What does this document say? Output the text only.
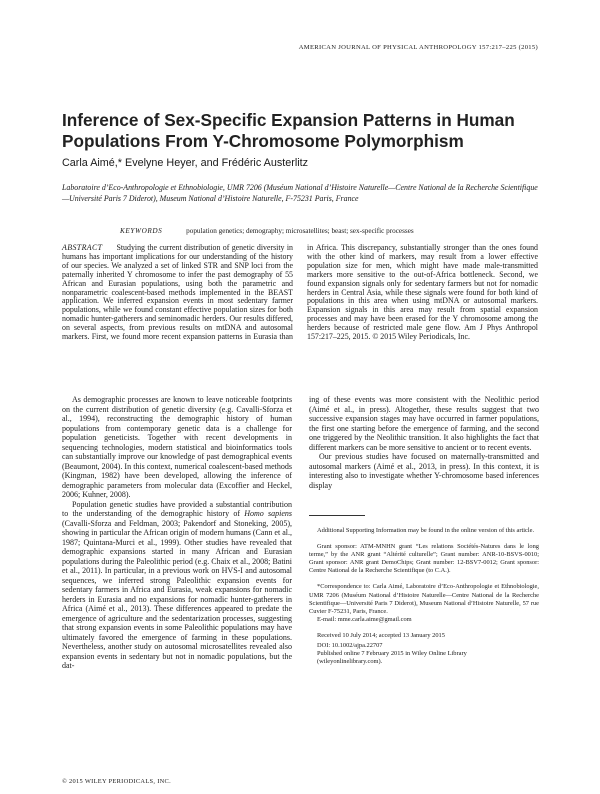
AMERICAN JOURNAL OF PHYSICAL ANTHROPOLOGY 157:217–225 (2015)
Inference of Sex-Specific Expansion Patterns in Human Populations From Y-Chromosome Polymorphism
Carla Aimé,* Evelyne Heyer, and Frédéric Austerlitz
Laboratoire d’Eco-Anthropologie et Ethnobiologie, UMR 7206 (Muséum National d’Histoire Naturelle—Centre National de la Recherche Scientifique—Université Paris 7 Diderot), Museum National d’Histoire Naturelle, F-75231 Paris, France
KEYWORDS	population genetics; demography; microsatellites; beast; sex-specific processes
ABSTRACT Studying the current distribution of genetic diversity in humans has important implications for our understanding of the history of our species. We analyzed a set of linked STR and SNP loci from the paternally inherited Y chromosome to infer the past demography of 55 African and Eurasian populations, using both the parametric and nonparametric coalescent-based methods implemented in the BEAST application. We inferred expansion events in most sedentary farmer populations, while we found constant effective population sizes for both nomadic hunter-gatherers and seminomadic herders. Our results differed, on several aspects, from previous results on mtDNA and autosomal markers. First, we found more recent expansion patterns in Eurasia than in Africa. This discrepancy, substantially stronger than the ones found with the other kind of markers, may result from a lower effective population size for men, which might have made male-transmitted markers more sensitive to the out-of-Africa bottleneck. Second, we found expansion signals only for sedentary farmers but not for nomadic herders in Central Asia, while these signals were found for both kind of populations in this area when using mtDNA or autosomal markers. Expansion signals in this area may result from spatial expansion processes and may have been erased for the Y chromosome among the herders because of restricted male gene flow. Am J Phys Anthropol 157:217–225, 2015. © 2015 Wiley Periodicals, Inc.

As demographic processes are known to leave noticeable footprints on the current distribution of genetic diversity (e.g. Cavalli-Sforza et al., 1994), reconstructing the demographic history of human populations from contemporary genetic data is a challenge for population geneticists. Together with recent developments in sequencing technologies, modern statistical and bioinformatics tools can substantially improve our knowledge of past demographical events (Beaumont, 2004). In this context, numerical coalescent-based methods (Kingman, 1982) have been developed, allowing the inference of demographic parameters from molecular data (Excoffier and Heckel, 2006; Kuhner, 2008).

Population genetic studies have provided a substantial contribution to the understanding of the demographic history of Homo sapiens (Cavalli-Sforza and Feldman, 2003; Pakendorf and Stoneking, 2005), showing in particular the African origin of modern humans (Cann et al., 1987; Quintana-Murci et al., 1999). Other studies have revealed that demographic expansions started in many African and Eurasian populations during the Paleolithic period (e.g. Chaix et al., 2008; Batini et al., 2011). In particular, in a previous work on HVS-I and autosomal sequences, we inferred strong Paleolithic expansion events for sedentary farmers in Africa and Eurasia, weak expansions for nomadic herders in Eurasia and no expansions for nomadic hunter-gatherers in Africa (Aimé et al., 2013). These differences appeared to predate the emergence of agriculture and the sedentarization processes, suggesting that strong expansion events in some Paleolithic populations may have ultimately favored the emergence of farming in these populations. Nevertheless, another study on autosomal microsatellites revealed also expansion events in sedentary but not in nomadic populations, but the dat-

ing of these events was more consistent with the Neolithic period (Aimé et al., in press). Altogether, these results suggest that two successive expansion stages may have occurred in farmer populations, the first one starting before the emergence of farming, and the second one triggered by the Neolithic transition. It also highlights the fact that different markers can be more sensitive to ancient or to recent events.

Our previous studies have focused on maternally-transmitted and autosomal markers (Aimé et al., 2013, in press). In this context, it is interesting also to investigate whether Y-chromosome based inferences display

Additional Supporting Information may be found in the online version of this article.

Grant sponsor: ATM-MNHN grant “Les relations Sociétés-Natures dans le long terme,” by the ANR grant “Altérité culturelle”; Grant number: ANR-10-BSVS-0010; Grant sponsor: ANR grant DemoChips; Grant number: 12-BSV7-0012; Grant sponsor: Centre National de la Recherche Scientifique (to C.A.).

*Correspondence to: Carla Aimé, Laboratoire d’Eco-Anthropologie et Ethnobiologie, UMR 7206 (Muséum National d’Histoire Naturelle—Centre National de la Recherche Scientifique—Université Paris 7 Diderot), Museum National d’Histoire Naturelle, 57 rue Cuvier F-75231, Paris, France.

E-mail: mme.carla.aime@gmail.com

Received 10 July 2014; accepted 13 January 2015

DOI: 10.1002/ajpa.22707

Published online 7 February 2015 in Wiley Online Library

(wileyonlinelibrary.com).

© 2015 WILEY PERIODICALS, INC.
